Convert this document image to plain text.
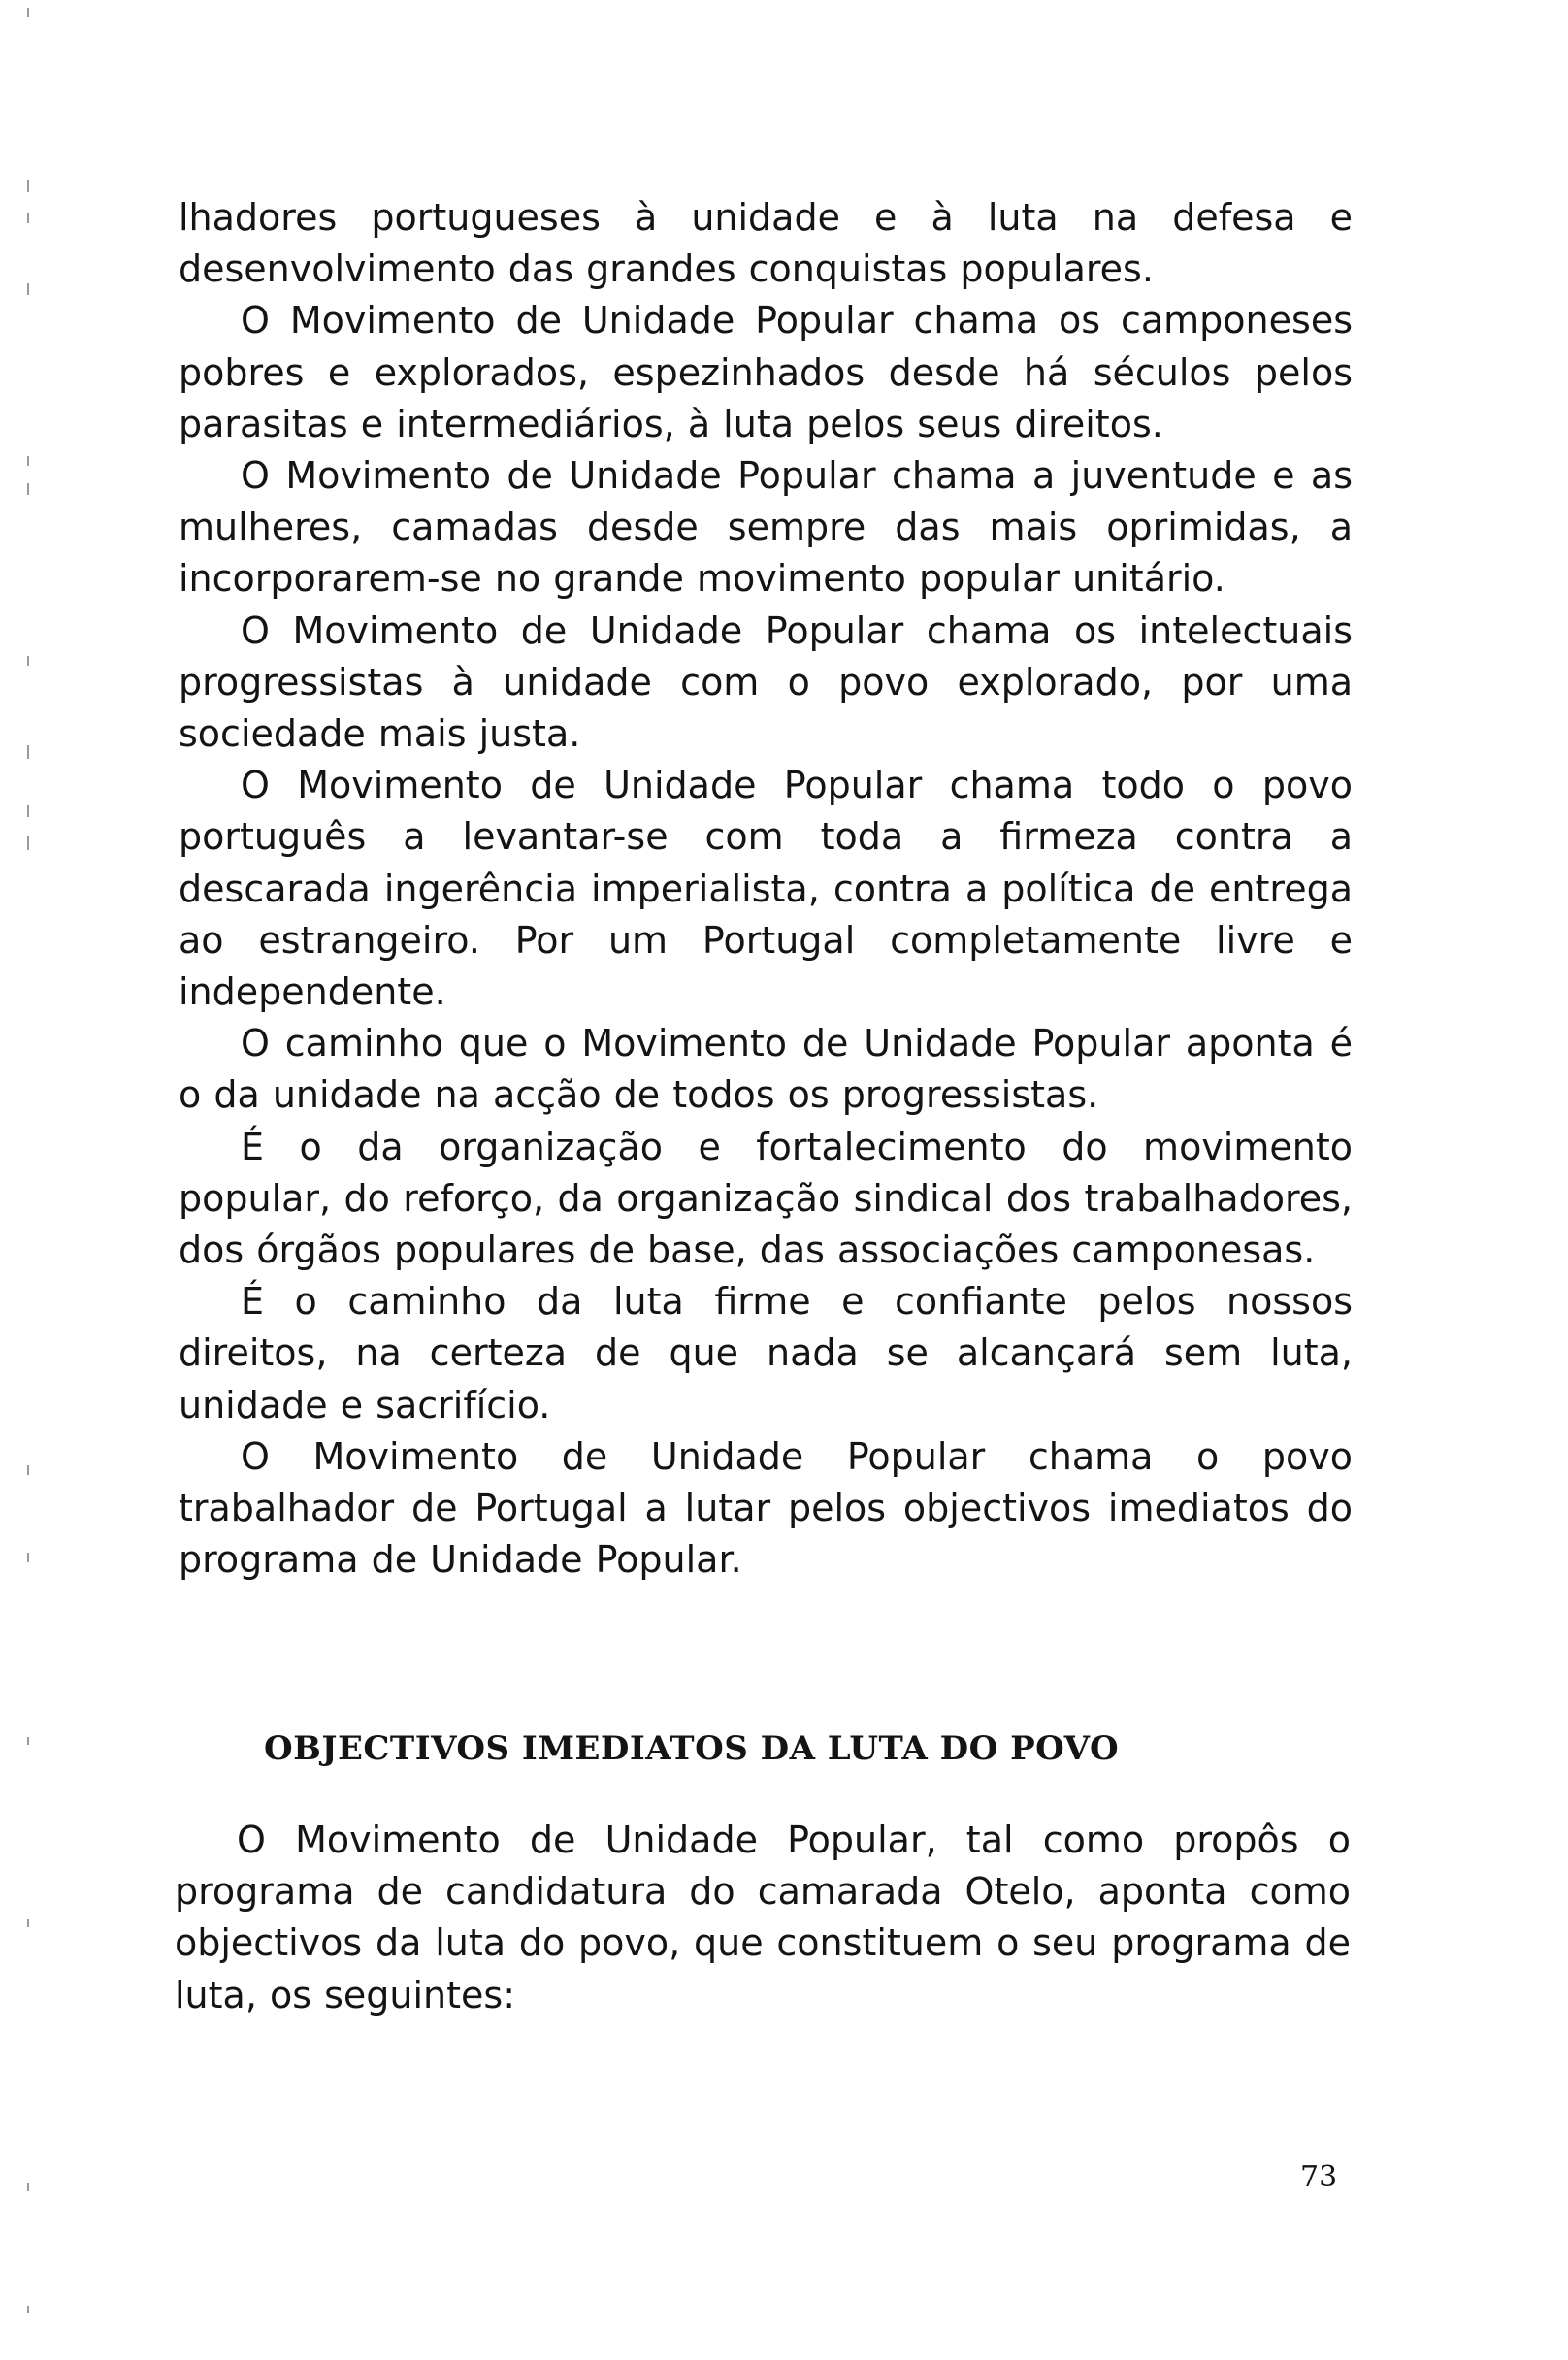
lhadores portugueses à unidade e à luta na defesa e desenvolvimento das grandes conquistas populares.

O Movimento de Unidade Popular chama os camponeses pobres e explorados, espezinhados desde há séculos pelos parasitas e intermediários, à luta pelos seus direitos.

O Movimento de Unidade Popular chama a juventude e as mulheres, camadas desde sempre das mais oprimidas, a incorporarem-se no grande movimento popular unitário.

O Movimento de Unidade Popular chama os intelectuais progressistas à unidade com o povo explorado, por uma sociedade mais justa.

O Movimento de Unidade Popular chama todo o povo português a levantar-se com toda a firmeza contra a descarada ingerência imperialista, contra a política de entrega ao estrangeiro. Por um Portugal completamente livre e independente.

O caminho que o Movimento de Unidade Popular aponta é o da unidade na acção de todos os progressistas.

É o da organização e fortalecimento do movimento popular, do reforço, da organização sindical dos trabalhadores, dos órgãos populares de base, das associações camponesas.

É o caminho da luta firme e confiante pelos nossos direitos, na certeza de que nada se alcançará sem luta, unidade e sacrifício.

O Movimento de Unidade Popular chama o povo trabalhador de Portugal a lutar pelos objectivos imediatos do programa de Unidade Popular.

OBJECTIVOS IMEDIATOS DA LUTA DO POVO

O Movimento de Unidade Popular, tal como propôs o programa de candidatura do camarada Otelo, aponta como objectivos da luta do povo, que constituem o seu programa de luta, os seguintes:

73
